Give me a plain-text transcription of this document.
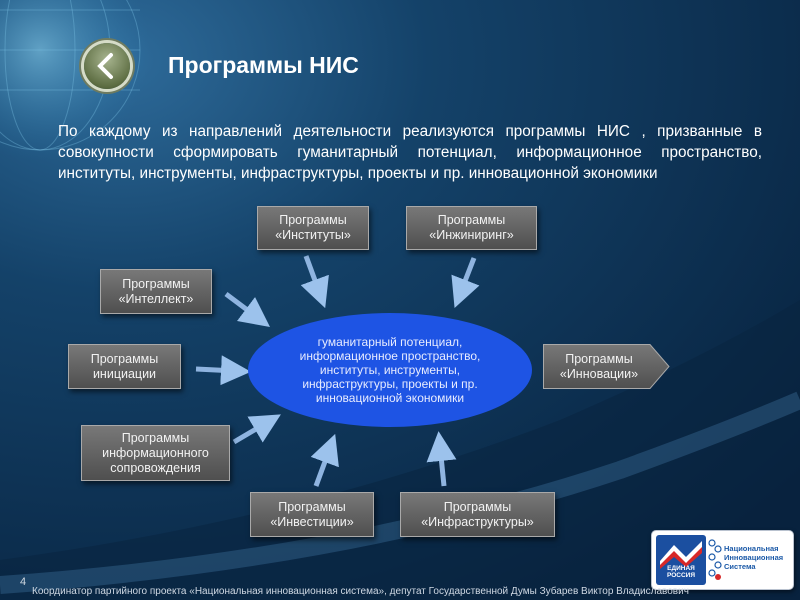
Программы НИС
По каждому из направлений деятельности реализуются программы НИС , призванные в совокупности сформировать гуманитарный потенциал, информационное пространство, институты, инструменты, инфраструктуры, проекты и пр. инновационной экономики
Программы
«Институты»
Программы
«Инжиниринг»
Программы
«Интеллект»
Программы
инициации
Программы
информационного
сопровождения
Программы
«Инвестиции»
Программы
«Инфраструктуры»
гуманитарный потенциал, информационное пространство, институты, инструменты, инфраструктуры, проекты и пр. инновационной экономики
Программы
«Инновации»
ЕДИНАЯ РОССИЯ
Национальная
Инновационная
Система
4
Координатор партийного проекта «Национальная инновационная система», депутат Государственной Думы Зубарев Виктор Владиславович
